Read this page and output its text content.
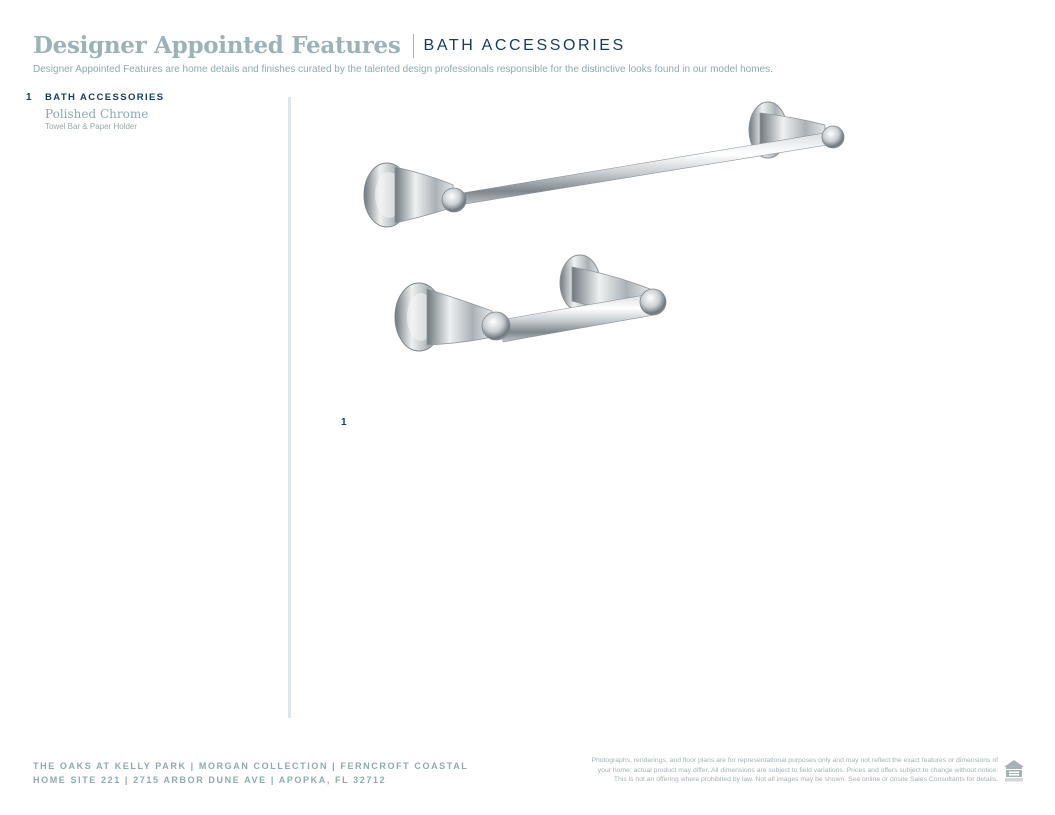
Designer Appointed Features BATH ACCESSORIES
Designer Appointed Features are home details and finishes curated by the talented design professionals responsible for the distinctive looks found in our model homes.
1	BATH ACCESSORIES
Polished Chrome
Towel Bar & Paper Holder
1
THE OAKS AT KELLY PARK | MORGAN COLLECTION | FERNCROFT COASTAL
HOME SITE 221 | 2715 ARBOR DUNE AVE | APOPKA, FL 32712
Photographs, renderings, and floor plans are for representational purposes only and may not reflect the exact features or dimensions of
your home; actual product may differ. All dimensions are subject to field variations. Prices and offers subject to change without notice.
This is not an offering where prohibited by law. Not all images may be shown. See online or onsite Sales Consultants for details.
